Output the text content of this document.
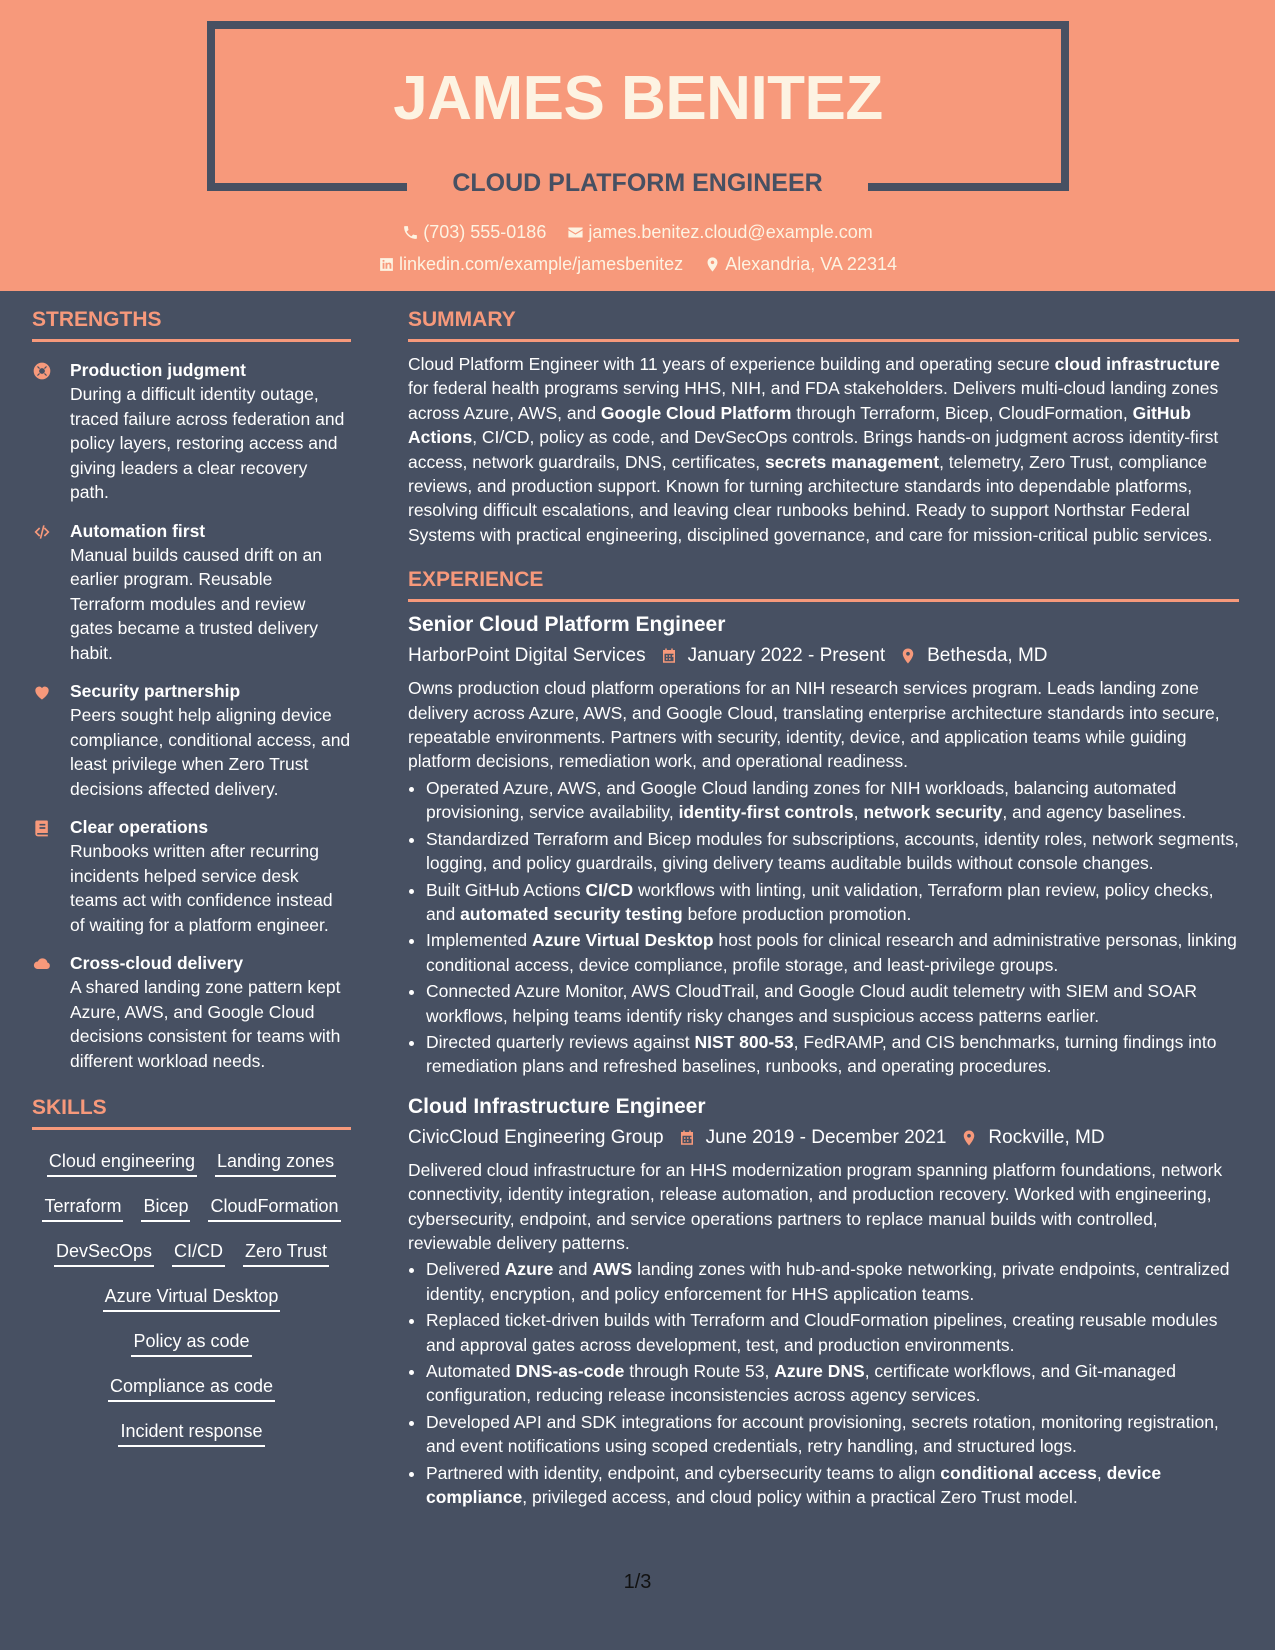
JAMES BENITEZ
CLOUD PLATFORM ENGINEER
(703) 555-0186
james.benitez.cloud@example.com
linkedin.com/example/jamesbenitez
Alexandria, VA 22314
STRENGTHS
Production judgment
During a difficult identity outage, traced failure across federation and policy layers, restoring access and giving leaders a clear recovery path.
Automation first
Manual builds caused drift on an earlier program. Reusable Terraform modules and review gates became a trusted delivery habit.
Security partnership
Peers sought help aligning device compliance, conditional access, and least privilege when Zero Trust decisions affected delivery.
Clear operations
Runbooks written after recurring incidents helped service desk teams act with confidence instead of waiting for a platform engineer.
Cross-cloud delivery
A shared landing zone pattern kept Azure, AWS, and Google Cloud decisions consistent for teams with different workload needs.
SKILLS
Cloud engineering Landing zones
Terraform Bicep CloudFormation
DevSecOps CI/CD Zero Trust
Azure Virtual Desktop
Policy as code
Compliance as code
Incident response
SUMMARY
Cloud Platform Engineer with 11 years of experience building and operating secure cloud infrastructure for federal health programs serving HHS, NIH, and FDA stakeholders. Delivers multi-cloud landing zones across Azure, AWS, and Google Cloud Platform through Terraform, Bicep, CloudFormation, GitHub Actions, CI/CD, policy as code, and DevSecOps controls. Brings hands-on judgment across identity-first access, network guardrails, DNS, certificates, secrets management, telemetry, Zero Trust, compliance reviews, and production support. Known for turning architecture standards into dependable platforms, resolving difficult escalations, and leaving clear runbooks behind. Ready to support Northstar Federal Systems with practical engineering, disciplined governance, and care for mission-critical public services.
EXPERIENCE
Senior Cloud Platform Engineer
HarborPoint Digital Services January 2022 - Present Bethesda, MD
Owns production cloud platform operations for an NIH research services program. Leads landing zone delivery across Azure, AWS, and Google Cloud, translating enterprise architecture standards into secure, repeatable environments. Partners with security, identity, device, and application teams while guiding platform decisions, remediation work, and operational readiness.
• Operated Azure, AWS, and Google Cloud landing zones for NIH workloads, balancing automated provisioning, service availability, identity-first controls, network security, and agency baselines.
• Standardized Terraform and Bicep modules for subscriptions, accounts, identity roles, network segments, logging, and policy guardrails, giving delivery teams auditable builds without console changes.
• Built GitHub Actions CI/CD workflows with linting, unit validation, Terraform plan review, policy checks, and automated security testing before production promotion.
• Implemented Azure Virtual Desktop host pools for clinical research and administrative personas, linking conditional access, device compliance, profile storage, and least-privilege groups.
• Connected Azure Monitor, AWS CloudTrail, and Google Cloud audit telemetry with SIEM and SOAR workflows, helping teams identify risky changes and suspicious access patterns earlier.
• Directed quarterly reviews against NIST 800-53, FedRAMP, and CIS benchmarks, turning findings into remediation plans and refreshed baselines, runbooks, and operating procedures.
Cloud Infrastructure Engineer
CivicCloud Engineering Group June 2019 - December 2021 Rockville, MD
Delivered cloud infrastructure for an HHS modernization program spanning platform foundations, network connectivity, identity integration, release automation, and production recovery. Worked with engineering, cybersecurity, endpoint, and service operations partners to replace manual builds with controlled, reviewable delivery patterns.
• Delivered Azure and AWS landing zones with hub-and-spoke networking, private endpoints, centralized identity, encryption, and policy enforcement for HHS application teams.
• Replaced ticket-driven builds with Terraform and CloudFormation pipelines, creating reusable modules and approval gates across development, test, and production environments.
• Automated DNS-as-code through Route 53, Azure DNS, certificate workflows, and Git-managed configuration, reducing release inconsistencies across agency services.
• Developed API and SDK integrations for account provisioning, secrets rotation, monitoring registration, and event notifications using scoped credentials, retry handling, and structured logs.
• Partnered with identity, endpoint, and cybersecurity teams to align conditional access, device compliance, privileged access, and cloud policy within a practical Zero Trust model.
1/3
